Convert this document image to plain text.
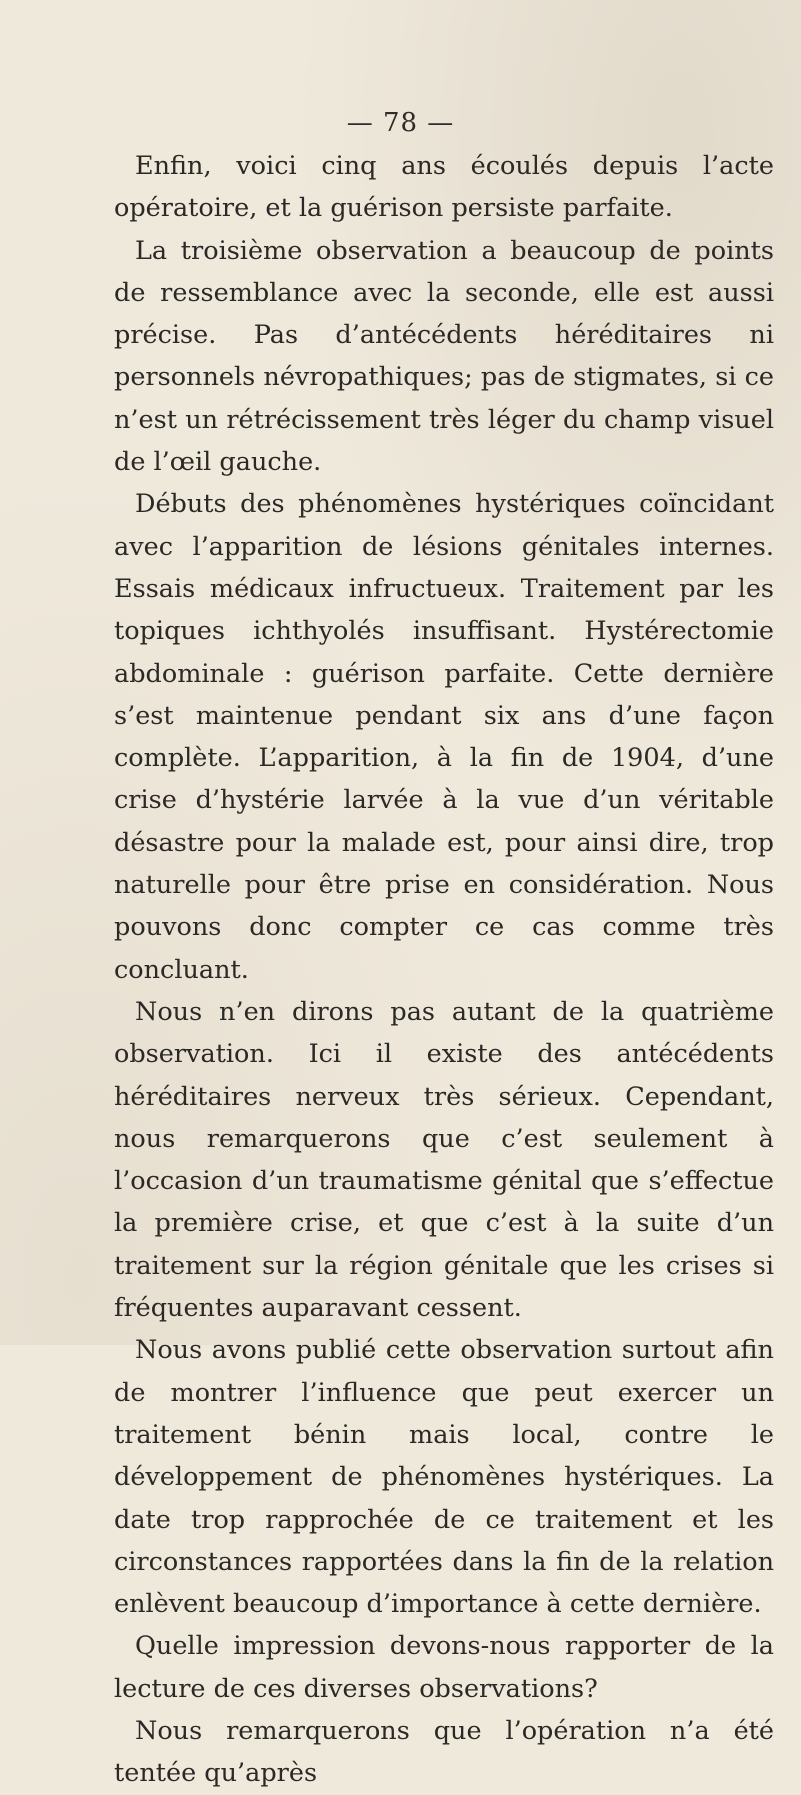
— 78 —

Enfin, voici cinq ans écoulés depuis l’acte opératoire, et la guérison persiste parfaite.

La troisième observation a beaucoup de points de ressemblance avec la seconde, elle est aussi précise. Pas d’antécédents héréditaires ni personnels névropathiques; pas de stigmates, si ce n’est un rétrécissement très léger du champ visuel de l’œil gauche.

Débuts des phénomènes hystériques coïncidant avec l’apparition de lésions génitales internes. Essais médicaux infructueux. Traitement par les topiques ichthyolés insuffisant. Hystérectomie abdominale : guérison parfaite. Cette dernière s’est maintenue pendant six ans d’une façon complète. L’apparition, à la fin de 1904, d’une crise d’hystérie larvée à la vue d’un véritable désastre pour la malade est, pour ainsi dire, trop naturelle pour être prise en considération. Nous pouvons donc compter ce cas comme très concluant.

Nous n’en dirons pas autant de la quatrième observation. Ici il existe des antécédents héréditaires nerveux très sérieux. Cependant, nous remarquerons que c’est seulement à l’occasion d’un traumatisme génital que s’effectue la première crise, et que c’est à la suite d’un traitement sur la région génitale que les crises si fréquentes auparavant cessent.

Nous avons publié cette observation surtout afin de montrer l’influence que peut exercer un traitement bénin mais local, contre le développement de phénomènes hystériques. La date trop rapprochée de ce traitement et les circonstances rapportées dans la fin de la relation enlèvent beaucoup d’importance à cette dernière.

Quelle impression devons-nous rapporter de la lecture de ces diverses observations?

Nous remarquerons que l’opération n’a été tentée qu’après
